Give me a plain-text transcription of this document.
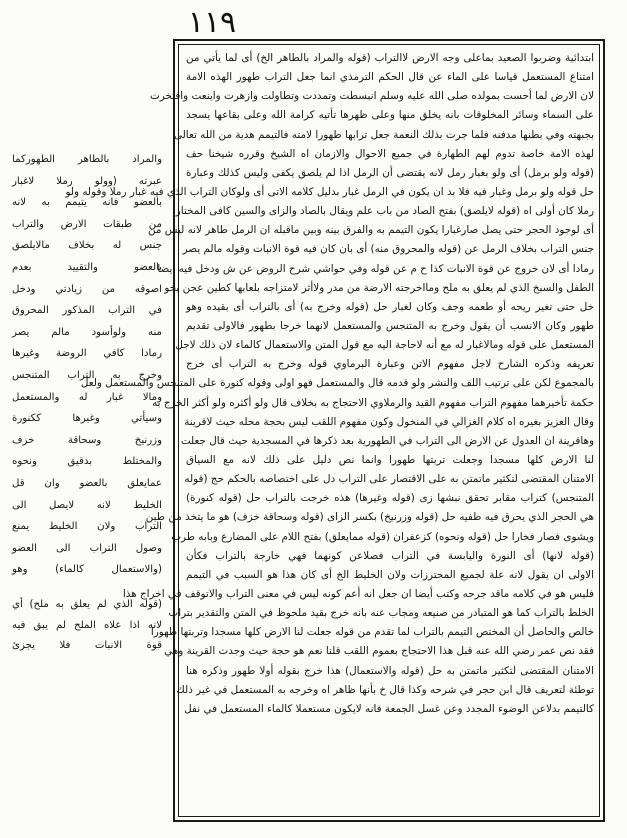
١١٩
ابتدائية وضربوا الصعيد بماعلى وجه الارض لاالتراب (قوله والمراد بالطاهر الخ) أى لما يأتي من
امتناع المستعمل قياسا على الماء عن قال الحكم الترمذي انما جعل التراب طهور الهذه الامة
لان الارض لما أحست بمولده صلى الله عليه وسلم انبسطت وتمددت وتطاولت وازهرت واينعت وافتخرت
على السماء وسائر المخلوقات بانه يخلق منها وعلى ظهرها تأتيه كرامة الله وعلى بقاعها يسجد
بجبهته وفي بطنها مدفنه فلما جرت بذلك النعمة جعل ترابها طهورا لامته فالتيمم هدية من الله تعالى
لهذه الامة خاصة تدوم لهم الطهارة في جميع الاحوال والازمان اه الشيخ وقرره شيخنا حف
(قوله ولو برمل) أى ولو بغبار رمل لانه يقتضى أن الرمل اذا لم يلصق يكفى وليس كذلك وعبارة
حل قوله ولو برمل وغبار فيه فلا بد ان يكون في الرمل غبار بدليل كلامه الاتى أى ولوكان التراب الذي فيه غبار رملا وقوله ولو
رملا كان أولى اه (قوله لايلصق) بفتح الصاد من باب علم ويقال بالصاد والزاى والسين كافى المختار
أى لوجود الحجر حتى يصل صارغبارا يكون التيمم به والفرق بينه وبين ماقبله ان الرمل طاهر لانه ليس من
جنس التراب بخلاف الرمل عن (قوله والمحروق منه) أى بان كان فيه قوة الانبات وقوله مالم يصر
رمادا أى لان خروج عن قوة الانبات كذا ح م عن قوله وفي حواشي شرح الروض عن ش ودخل فيه أيضا
الطفل والسبخ الذي لم يعلق به ملح ومااخرجته الارضة من مدر ولاأثر لامتزاجه بلعابها كطين عجن بخو
خل حتى تغير ريحه أو طعمه وجف وكان لغبار حل (قوله وخرج به) أى بالتراب أى بقيده وهو
طهور وكان الانسب أن يقول وخرج به المتنجس والمستعمل لانهما خرجا بطهور فالاولى تقديم
المستعمل على قوله ومالاغبار له مع أنه لاحاجة اليه مع قول المتن والاستعمال كالماء لان ذلك لاجل
تعريفه وذكره الشارح لاجل مفهوم الاتن وعبارة البرماوي قوله وخرج به التراب أى خرج
بالمجموع لكن على ترتيب اللف والنشر ولو قدمه قال والمستعمل فهو اولى وقوله كنورة على المتنجس والمستعمل ولعل
حكمة تأخيرهما مفهوم التراب مفهوم القيد والرملاوي الاحتجاج به بخلاف قال ولو أكثره ولو أكثر الخرج به
وقال العزيز بغيره اه كلام الغزالي في المنخول وكون مفهوم اللقب ليس بحجة محله حيث لاقرينة
وهاقرينة ان العدول عن الارض الى التراب في الطهورية بعد ذكرها في المسجدية حيث قال جعلت
لنا الارض كلها مسجدا وجعلت تربتها طهورا وانما نص دليل على ذلك لانه مع السياق
الامتنان المقتضى لتكثير ماتمتن به على الاقتصار على التراب دل على اختصاصه بالحكم حج (قوله
المتنجس) كتراب مقابر تحقق نبشها زى (قوله وغيرها) هذه خرجت بالتراب حل (قوله كنورة)
هي الحجر الذي يحرق فيه طفيه حل (قوله وزرنيخ) بكسر الزاى (قوله وسحاقة خزف) هو ما يتخذ من طين
ويشوى فصار فخارا حل (قوله ونحوه) كزعفران (قوله ممايعلق) بفتح اللام على المضارع وبابه طرب
(قوله لانها) أى النورة واليابسة في التراب فصلاعن كونهما فهي خارجة بالتراب فكأن
الاولى ان يقول لانه علة لجميع المحترزات ولان الخليط الخ أى كان هذا هو السبب في التيمم
فليس هو في كلامه ماقد جرحه وكتب أيضا ان جعل انه أعم كونه ليس في معنى التراب والاتوقف في اخراج هذا
الخلط بالتراب كما هو المتبادر من صنيعه ومجاب عنه بانه خرج بقيد ملحوظ في المتن والتقدير بتراب
خالص والحاصل أن المختص التيمم بالتراب لما تقدم من قوله جعلت لنا الارض كلها مسجدا وتربتها طهورا
فقد نص عمر رضي الله عنه قبل هذا الاحتجاج بعموم اللقب قلنا نعم هو حجة حيث وجدت القرينة وهي
الامتنان المقتضى لتكثير ماتمتن به حل (قوله والاستعمال) هذا خرج بقوله أولا طهور وذكره هنا
توطئة لتعريف قال ابن حجر في شرحه وكذا قال خ بأنها ظاهر اه وخرجه به المستعمل في غير ذلك
كالتيمم بدلاعن الوضوء المجدد وعن غسل الجمعة فانه لايكون مستعملا كالماء المستعمل في نفل
والمراد بالطاهر الطهوركما
عبرته (وولو رملا لاغبار
بالعضو فانه يتيمم به لانه
من طبقات الارض والتراب
جنس له بخلاف مالايلصق
بالعضو والتقييد بعدم
اصوقه من زيادتي ودخل
في التراب المذكور المحروق
منه ولوأسود مالم يصر
رمادا كافي الروضة وغيرها
وخرج به التراب المتنجس
ومالا غبار له والمستعمل
وسيأتي وغيرها ككنورة
وزرنيخ وسحاقة خزف
والمختلط بدقيق ونحوه
عمايعلق بالعضو وان قل
الخليط لانه لايصل الى
التراب ولان الخليط يمنع
وصول التراب الى العضو
(والاستعمال كالماء) وهو
(قوله الذي لم يعلق به ملح) أي
لانه اذا علاه الملح لم يبق فيه
قوة الانبات فلا يجزئ
